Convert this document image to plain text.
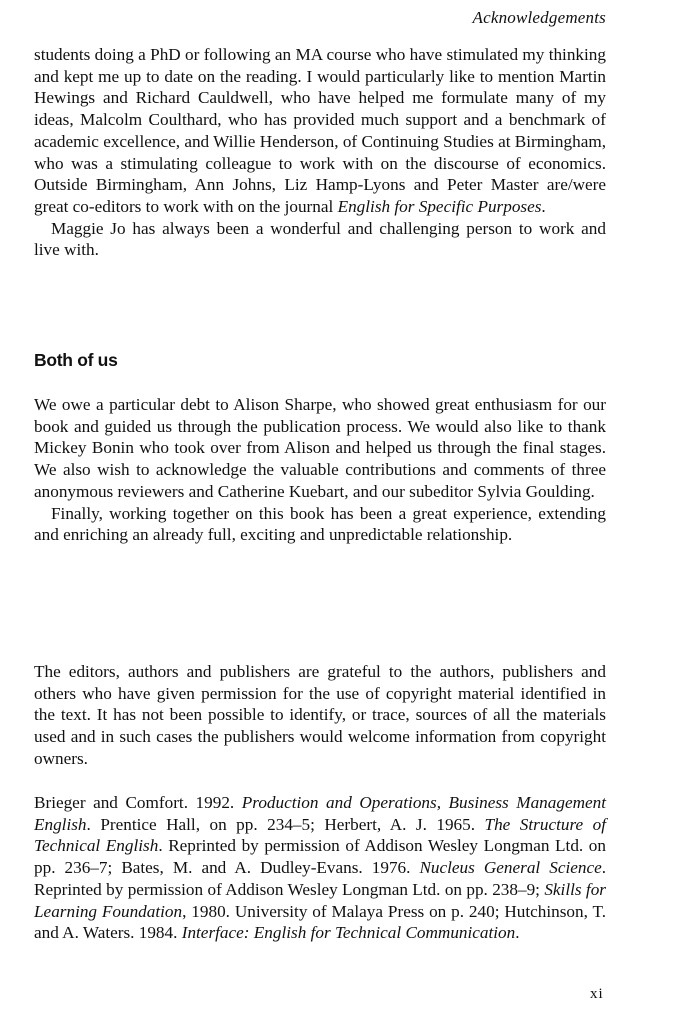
Acknowledgements

students doing a PhD or following an MA course who have stimulated my thinking and kept me up to date on the reading. I would particularly like to mention Martin Hewings and Richard Cauldwell, who have helped me formulate many of my ideas, Malcolm Coulthard, who has provided much support and a benchmark of academic excellence, and Willie Henderson, of Continuing Studies at Birmingham, who was a stimulating colleague to work with on the discourse of economics. Outside Birmingham, Ann Johns, Liz Hamp-Lyons and Peter Master are/were great co-editors to work with on the journal English for Specific Purposes.

Maggie Jo has always been a wonderful and challenging person to work and live with.

Both of us

We owe a particular debt to Alison Sharpe, who showed great enthusiasm for our book and guided us through the publication process. We would also like to thank Mickey Bonin who took over from Alison and helped us through the final stages. We also wish to acknowledge the valuable contributions and comments of three anonymous reviewers and Catherine Kuebart, and our subeditor Sylvia Goulding.

Finally, working together on this book has been a great experience, extending and enriching an already full, exciting and unpredictable relationship.

The editors, authors and publishers are grateful to the authors, publishers and others who have given permission for the use of copyright material identified in the text. It has not been possible to identify, or trace, sources of all the materials used and in such cases the publishers would welcome information from copyright owners.

Brieger and Comfort. 1992. Production and Operations, Business Management English. Prentice Hall, on pp. 234–5; Herbert, A. J. 1965. The Structure of Technical English. Reprinted by permission of Addison Wesley Longman Ltd. on pp. 236–7; Bates, M. and A. Dudley-Evans. 1976. Nucleus General Science. Reprinted by permission of Addison Wesley Longman Ltd. on pp. 238–9; Skills for Learning Foundation, 1980. University of Malaya Press on p. 240; Hutchinson, T. and A. Waters. 1984. Interface: English for Technical Communication.

xi
